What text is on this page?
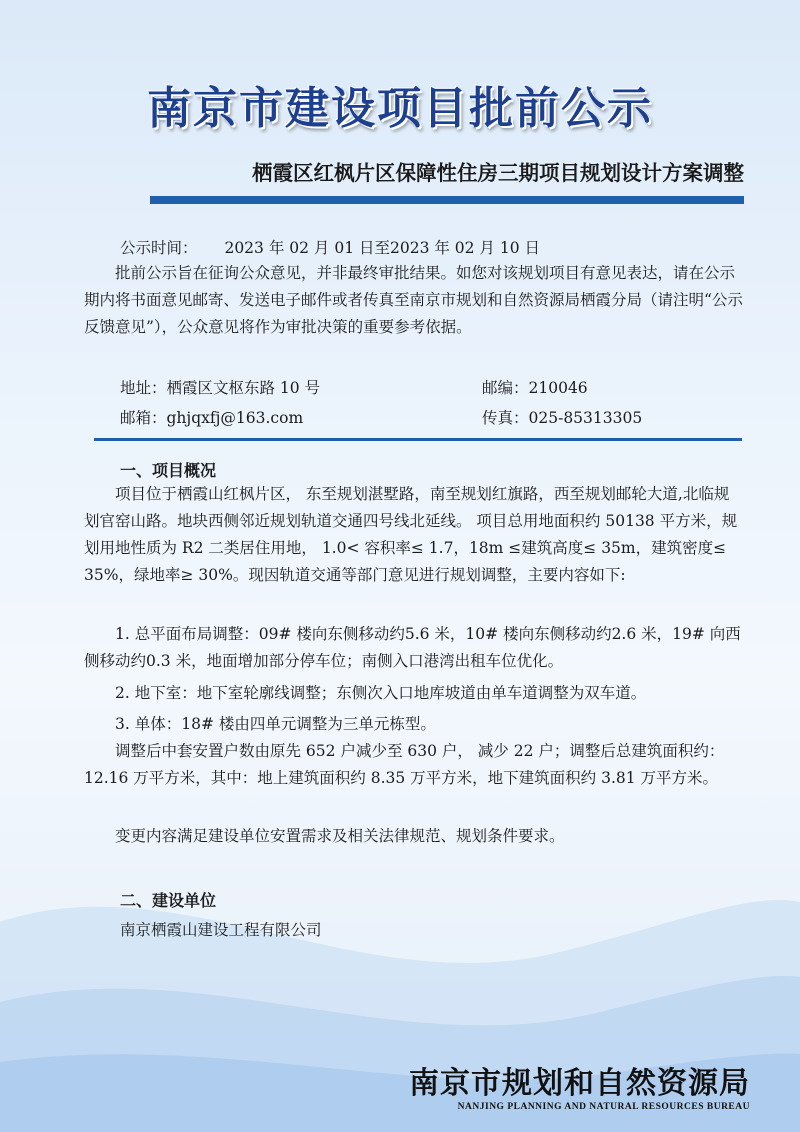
南京市建设项目批前公示
栖霞区红枫片区保障性住房三期项目规划设计方案调整
公示时间： 2023 年 02 月 01 日至2023 年 02 月 10 日
批前公示旨在征询公众意见，并非最终审批结果。如您对该规划项目有意见表达，请在公示期内将书面意见邮寄、发送电子邮件或者传真至南京市规划和自然资源局栖霞分局（请注明“公示反馈意见”），公众意见将作为审批决策的重要参考依据。
地址：栖霞区文枢东路 10 号	邮编：210046
邮箱：ghjqxfj@163.com	传真：025-85313305
一、项目概况
项目位于栖霞山红枫片区， 东至规划湛墅路，南至规划红旗路，西至规划邮轮大道,北临规划官窑山路。地块西侧邻近规划轨道交通四号线北延线。 项目总用地面积约 50138 平方米，规划用地性质为 R2 二类居住用地， 1.0< 容积率≤ 1.7，18m ≤建筑高度≤ 35m，建筑密度≤ 35%，绿地率≥ 30%。现因轨道交通等部门意见进行规划调整，主要内容如下:
1. 总平面布局调整：09# 楼向东侧移动约5.6 米，10# 楼向东侧移动约2.6 米，19# 向西侧移动约0.3 米，地面增加部分停车位；南侧入口港湾出租车位优化。
2. 地下室：地下室轮廓线调整；东侧次入口地库坡道由单车道调整为双车道。
3. 单体：18# 楼由四单元调整为三单元栋型。
调整后中套安置户数由原先 652 户减少至 630 户， 减少 22 户；调整后总建筑面积约：12.16 万平方米，其中：地上建筑面积约 8.35 万平方米，地下建筑面积约 3.81 万平方米。
变更内容满足建设单位安置需求及相关法律规范、规划条件要求。
二、建设单位
南京栖霞山建设工程有限公司
南京市规划和自然资源局
NANJING PLANNING AND NATURAL RESOURCES BUREAU
